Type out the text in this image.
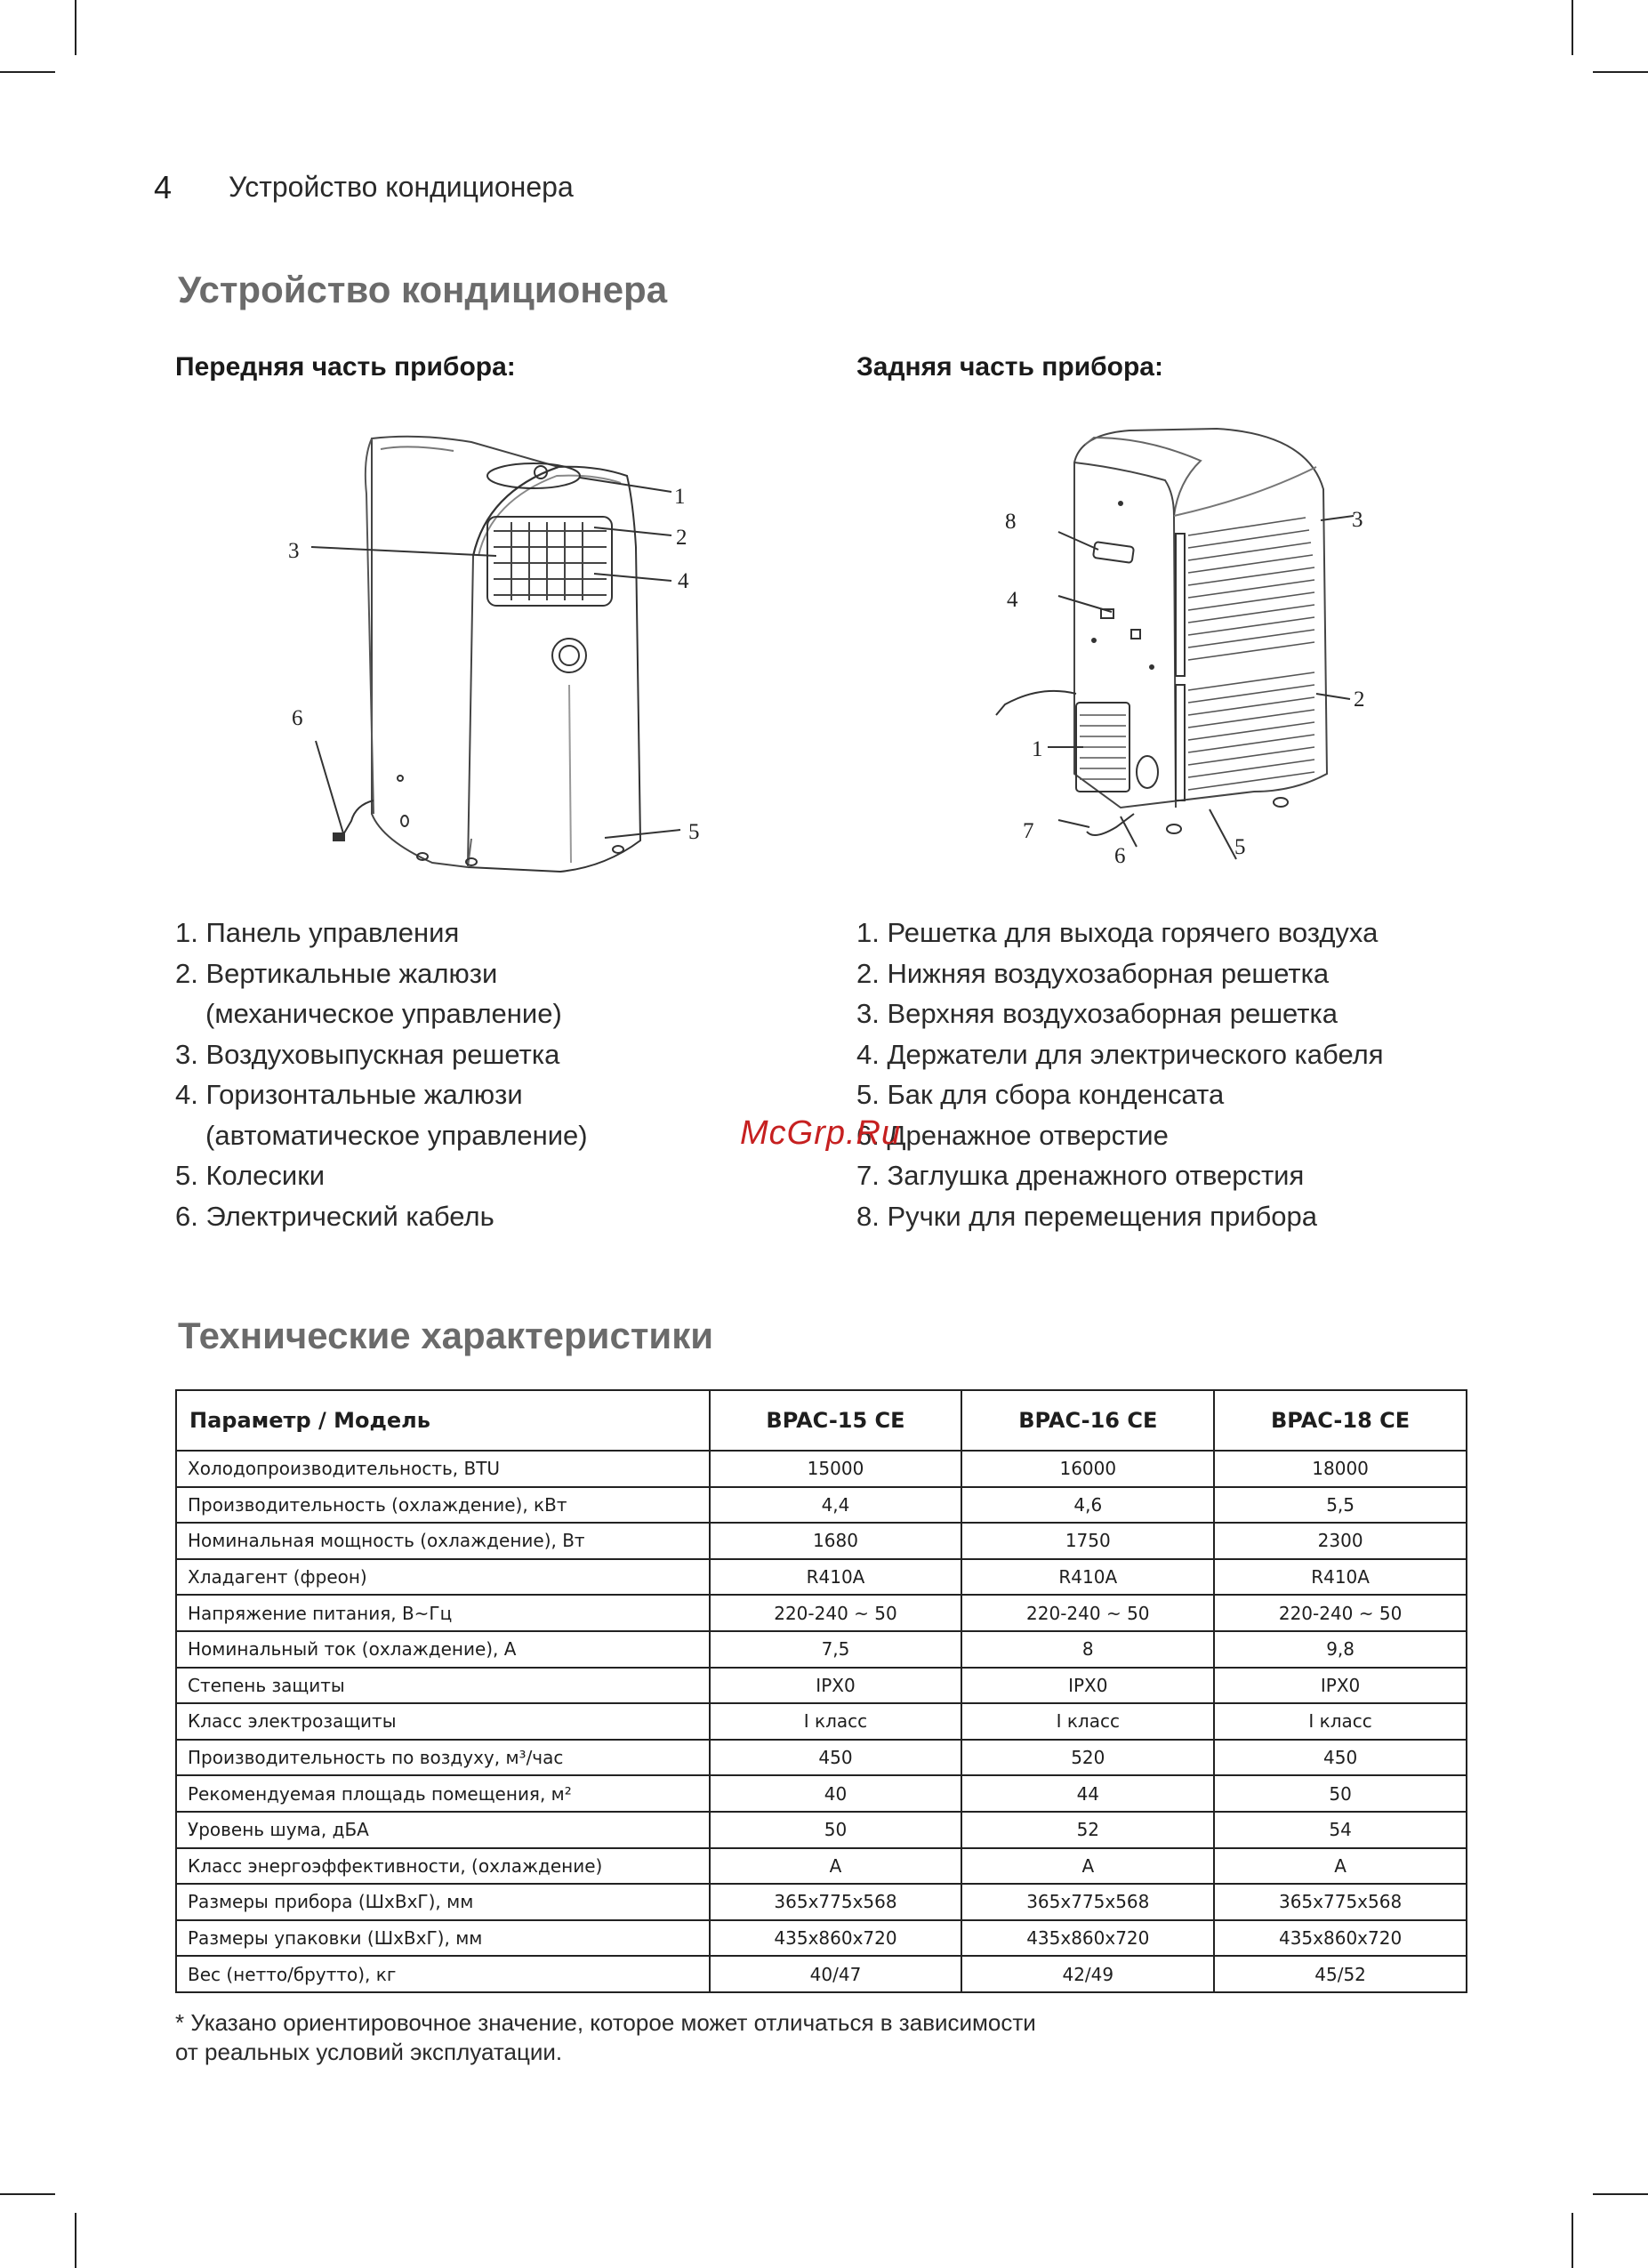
4 Устройство кондиционера
Устройство кондиционера
Передняя часть прибора:	Задняя часть прибора:
1
2
3
4
5
6
1
2
3
4
5
6
7
8
1. Панель управления
2. Вертикальные жалюзи
(механическое управление)
3. Воздуховыпускная решетка
4. Горизонтальные жалюзи
(автоматическое управление)
5. Колесики
6. Электрический кабель
1. Решетка для выхода горячего воздуха
2. Нижняя воздухозаборная решетка
3. Верхняя воздухозаборная решетка
4. Держатели для электрического кабеля
5. Бак для сбора конденсата
6. Дренажное отверстие
7. Заглушка дренажного отверстия
8. Ручки для перемещения прибора
McGrp.Ru
Технические характеристики
Параметр / Модель	BPAC-15 CE	BPAC-16 CE	BPAC-18 CE
Холодопроизводительность, BTU	15000	16000	18000
Производительность (охлаждение), кВт	4,4	4,6	5,5
Номинальная мощность (охлаждение), Вт	1680	1750	2300
Хладагент (фреон)	R410A	R410A	R410A
Напряжение питания, В~Гц	220-240 ~ 50	220-240 ~ 50	220-240 ~ 50
Номинальный ток (охлаждение), А	7,5	8	9,8
Степень защиты	IPX0	IPX0	IPX0
Класс электрозащиты	I класс	I класс	I класс
Производительность по воздуху, м³/час	450	520	450
Рекомендуемая площадь помещения, м²	40	44	50
Уровень шума, дБА	50	52	54
Класс энергоэффективности, (охлаждение)	A	A	A
Размеры прибора (ШхВхГ), мм	365х775х568	365х775х568	365х775х568
Размеры упаковки (ШхВхГ), мм	435х860х720	435х860х720	435х860х720
Вес (нетто/брутто), кг	40/47	42/49	45/52
* Указано ориентировочное значение, которое может отличаться в зависимости
от реальных условий эксплуатации.
